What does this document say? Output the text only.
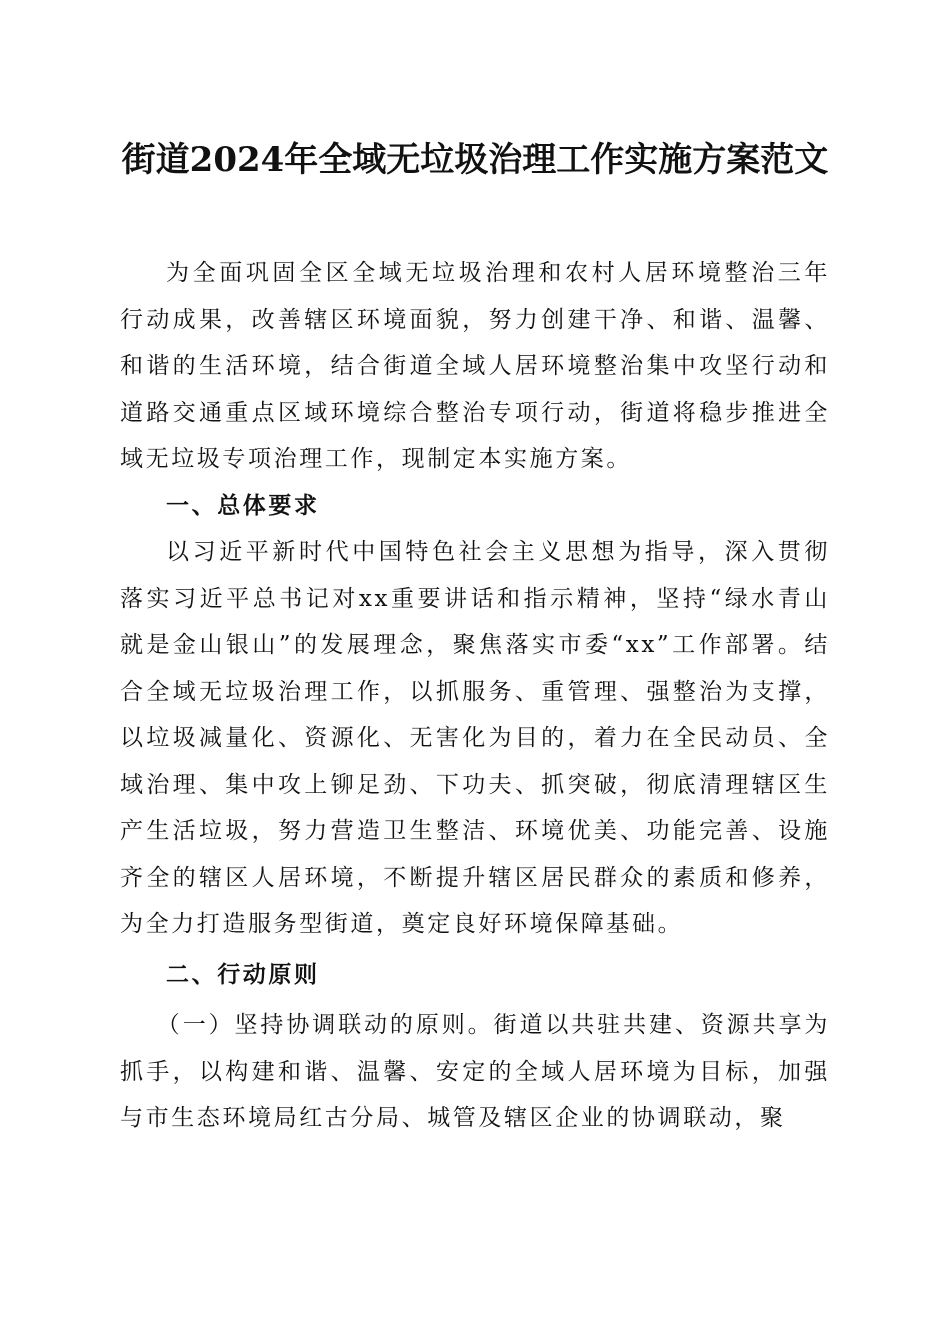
街道2024年全域无垃圾治理工作实施方案范文

为全面巩固全区全域无垃圾治理和农村人居环境整治三年行动成果，改善辖区环境面貌，努力创建干净、和谐、温馨、和谐的生活环境，结合街道全域人居环境整治集中攻坚行动和道路交通重点区域环境综合整治专项行动，街道将稳步推进全域无垃圾专项治理工作，现制定本实施方案。

一、总体要求

以习近平新时代中国特色社会主义思想为指导，深入贯彻落实习近平总书记对xx重要讲话和指示精神，坚持“绿水青山就是金山银山”的发展理念，聚焦落实市委“xx”工作部署。结合全域无垃圾治理工作，以抓服务、重管理、强整治为支撑，以垃圾减量化、资源化、无害化为目的，着力在全民动员、全域治理、集中攻上铆足劲、下功夫、抓突破，彻底清理辖区生产生活垃圾，努力营造卫生整洁、环境优美、功能完善、设施齐全的辖区人居环境，不断提升辖区居民群众的素质和修养，为全力打造服务型街道，奠定良好环境保障基础。

二、行动原则

（一）坚持协调联动的原则。街道以共驻共建、资源共享为抓手，以构建和谐、温馨、安定的全域人居环境为目标，加强与市生态环境局红古分局、城管及辖区企业的协调联动，聚
